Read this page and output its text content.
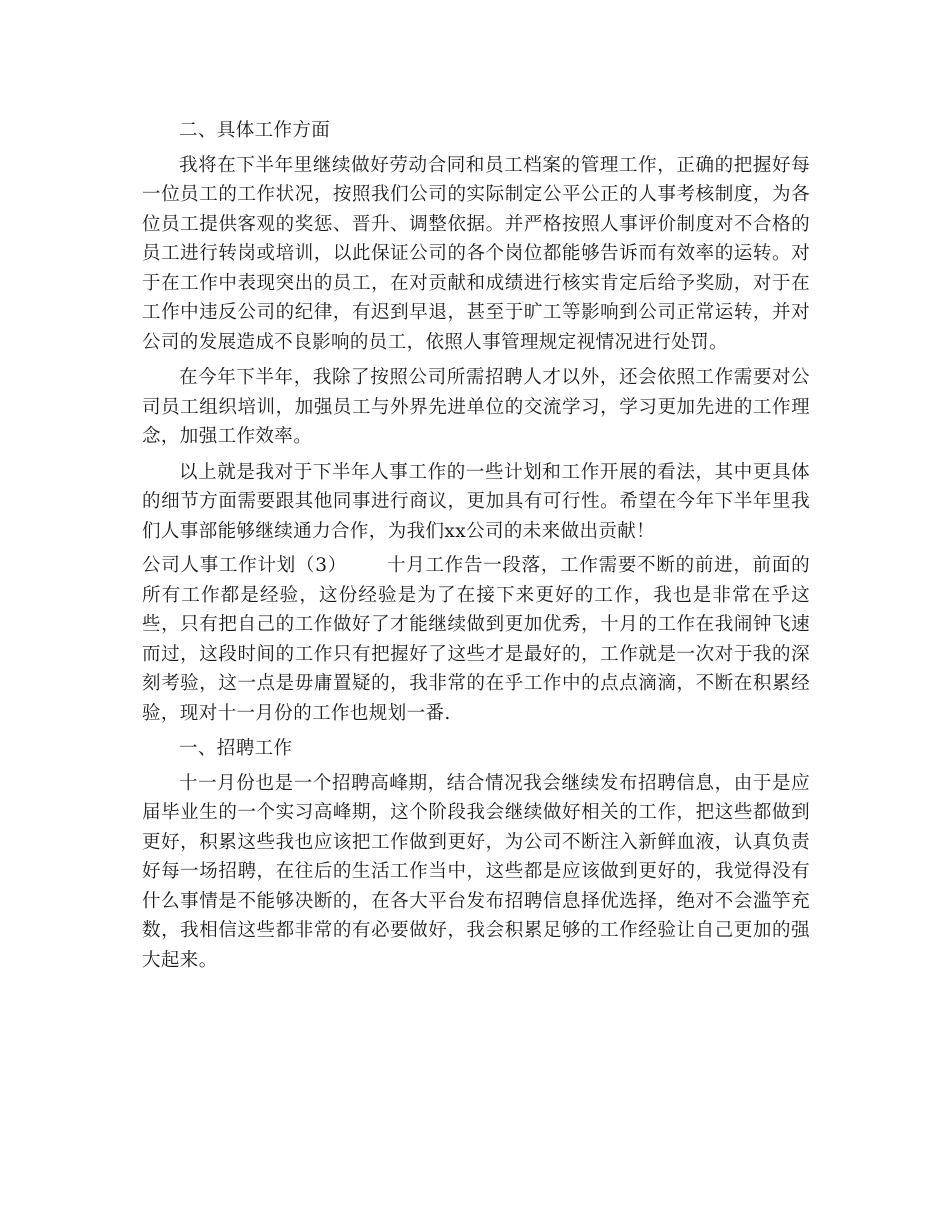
二、具体工作方面

我将在下半年里继续做好劳动合同和员工档案的管理工作，正确的把握好每一位员工的工作状况，按照我们公司的实际制定公平公正的人事考核制度，为各位员工提供客观的奖惩、晋升、调整依据。并严格按照人事评价制度对不合格的员工进行转岗或培训，以此保证公司的各个岗位都能够告诉而有效率的运转。对于在工作中表现突出的员工，在对贡献和成绩进行核实肯定后给予奖励，对于在工作中违反公司的纪律，有迟到早退，甚至于旷工等影响到公司正常运转，并对公司的发展造成不良影响的员工，依照人事管理规定视情况进行处罚。

在今年下半年，我除了按照公司所需招聘人才以外，还会依照工作需要对公司员工组织培训，加强员工与外界先进单位的交流学习，学习更加先进的工作理念，加强工作效率。

以上就是我对于下半年人事工作的一些计划和工作开展的看法，其中更具体的细节方面需要跟其他同事进行商议，更加具有可行性。希望在今年下半年里我们人事部能够继续通力合作，为我们xx公司的未来做出贡献！

公司人事工作计划（3） 十月工作告一段落，工作需要不断的前进，前面的所有工作都是经验，这份经验是为了在接下来更好的工作，我也是非常在乎这些，只有把自己的工作做好了才能继续做到更加优秀，十月的工作在我闹钟飞速而过，这段时间的工作只有把握好了这些才是最好的，工作就是一次对于我的深刻考验，这一点是毋庸置疑的，我非常的在乎工作中的点点滴滴，不断在积累经验，现对十一月份的工作也规划一番.

一、招聘工作

十一月份也是一个招聘高峰期，结合情况我会继续发布招聘信息，由于是应届毕业生的一个实习高峰期，这个阶段我会继续做好相关的工作，把这些都做到更好，积累这些我也应该把工作做到更好，为公司不断注入新鲜血液，认真负责好每一场招聘，在往后的生活工作当中，这些都是应该做到更好的，我觉得没有什么事情是不能够决断的，在各大平台发布招聘信息择优选择，绝对不会滥竽充数，我相信这些都非常的有必要做好，我会积累足够的工作经验让自己更加的强大起来。
